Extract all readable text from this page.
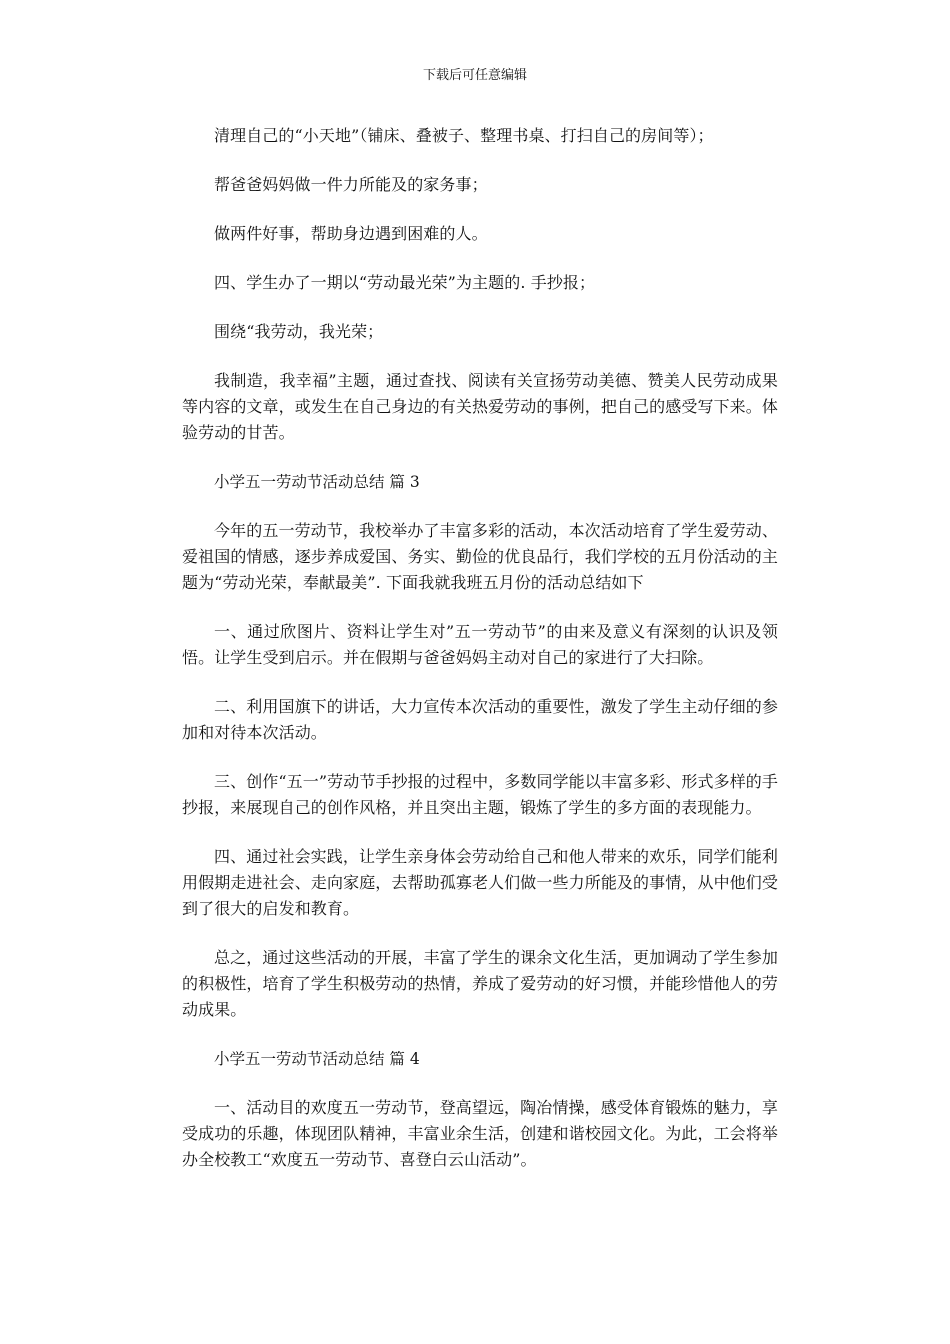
下载后可任意编辑

清理自己的“小天地”（铺床、叠被子、整理书桌、打扫自己的房间等）；

帮爸爸妈妈做一件力所能及的家务事；

做两件好事，帮助身边遇到困难的人。

四、学生办了一期以“劳动最光荣”为主题的. 手抄报；

围绕“我劳动，我光荣；

我制造，我幸福”主题，通过查找、阅读有关宣扬劳动美德、赞美人民劳动成果等内容的文章，或发生在自己身边的有关热爱劳动的事例，把自己的感受写下来。体验劳动的甘苦。

小学五一劳动节活动总结 篇 3

今年的五一劳动节，我校举办了丰富多彩的活动，本次活动培育了学生爱劳动、爱祖国的情感，逐步养成爱国、务实、勤俭的优良品行，我们学校的五月份活动的主题为“劳动光荣，奉献最美”. 下面我就我班五月份的活动总结如下

一、通过欣图片、资料让学生对”五一劳动节”的由来及意义有深刻的认识及领悟。让学生受到启示。并在假期与爸爸妈妈主动对自己的家进行了大扫除。

二、利用国旗下的讲话，大力宣传本次活动的重要性，激发了学生主动仔细的参加和对待本次活动。

三、创作“五一”劳动节手抄报的过程中，多数同学能以丰富多彩、形式多样的手抄报，来展现自己的创作风格，并且突出主题，锻炼了学生的多方面的表现能力。

四、通过社会实践，让学生亲身体会劳动给自己和他人带来的欢乐，同学们能利用假期走进社会、走向家庭，去帮助孤寡老人们做一些力所能及的事情，从中他们受到了很大的启发和教育。

总之，通过这些活动的开展，丰富了学生的课余文化生活，更加调动了学生参加的积极性，培育了学生积极劳动的热情，养成了爱劳动的好习惯，并能珍惜他人的劳动成果。

小学五一劳动节活动总结 篇 4

一、活动目的欢度五一劳动节，登高望远，陶冶情操，感受体育锻炼的魅力，享受成功的乐趣，体现团队精神，丰富业余生活，创建和谐校园文化。为此，工会将举办全校教工“欢度五一劳动节、喜登白云山活动”。
